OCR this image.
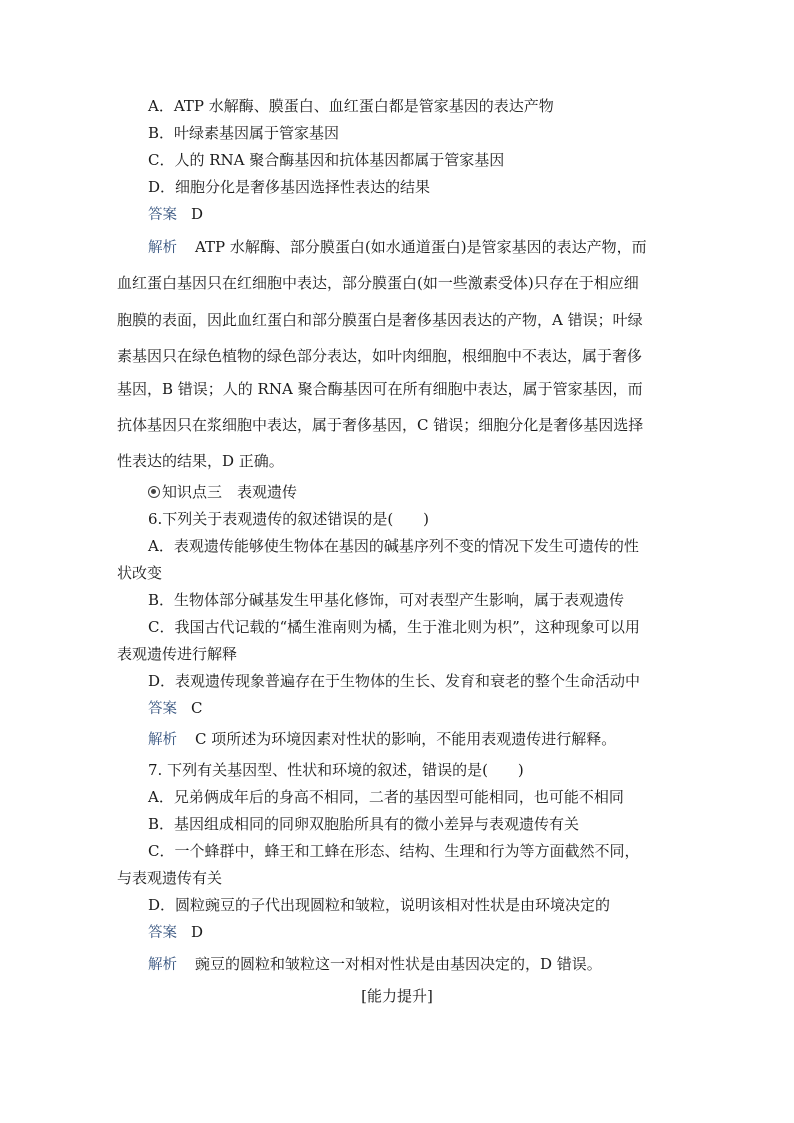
A．ATP 水解酶、膜蛋白、血红蛋白都是管家基因的表达产物
B．叶绿素基因属于管家基因
C．人的 RNA 聚合酶基因和抗体基因都属于管家基因
D．细胞分化是奢侈基因选择性表达的结果
答案 D
解析 ATP 水解酶、部分膜蛋白(如水通道蛋白)是管家基因的表达产物，而
血红蛋白基因只在红细胞中表达，部分膜蛋白(如一些激素受体)只存在于相应细
胞膜的表面，因此血红蛋白和部分膜蛋白是奢侈基因表达的产物，A 错误；叶绿
素基因只在绿色植物的绿色部分表达，如叶肉细胞，根细胞中不表达，属于奢侈
基因，B 错误；人的 RNA 聚合酶基因可在所有细胞中表达，属于管家基因，而
抗体基因只在浆细胞中表达，属于奢侈基因，C 错误；细胞分化是奢侈基因选择
性表达的结果，D 正确。
知识点三　表观遗传
6.下列关于表观遗传的叙述错误的是(　　)
A．表观遗传能够使生物体在基因的碱基序列不变的情况下发生可遗传的性
状改变
B．生物体部分碱基发生甲基化修饰，可对表型产生影响，属于表观遗传
C．我国古代记载的“橘生淮南则为橘，生于淮北则为枳”，这种现象可以用
表观遗传进行解释
D．表观遗传现象普遍存在于生物体的生长、发育和衰老的整个生命活动中
答案 C
解析 C 项所述为环境因素对性状的影响，不能用表观遗传进行解释。
7. 下列有关基因型、性状和环境的叙述，错误的是(　　)
A．兄弟俩成年后的身高不相同，二者的基因型可能相同，也可能不相同
B．基因组成相同的同卵双胞胎所具有的微小差异与表观遗传有关
C．一个蜂群中，蜂王和工蜂在形态、结构、生理和行为等方面截然不同，
与表观遗传有关
D．圆粒豌豆的子代出现圆粒和皱粒，说明该相对性状是由环境决定的
答案 D
解析 豌豆的圆粒和皱粒这一对相对性状是由基因决定的，D 错误。
[能力提升]
